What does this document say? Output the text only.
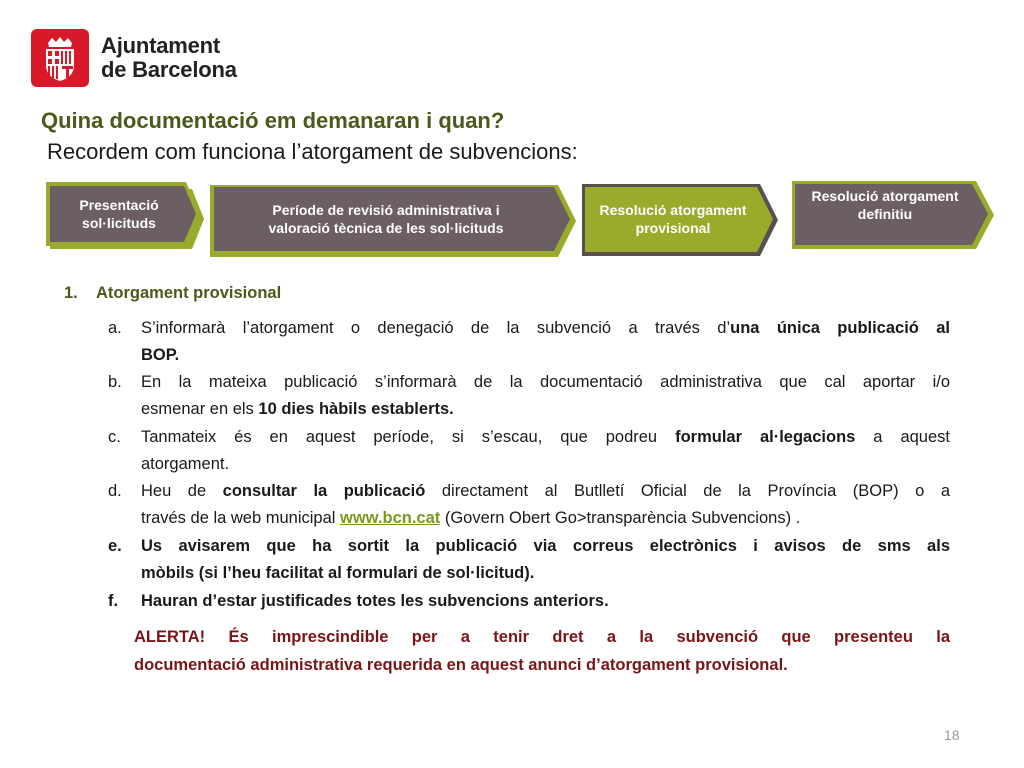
Ajuntament
de Barcelona
Quina documentació em demanaran i quan?
Recordem com funciona l’atorgament de subvencions:
Presentació
sol·licituds
Període de revisió administrativa i
valoració tècnica de les sol·licituds
Resolució atorgament
provisional
Resolució atorgament
definitiu
1. Atorgament provisional
a. S’informarà l’atorgament o denegació de la subvenció a través d’una única publicació al
BOP.
b. En la mateixa publicació s’informarà de la documentació administrativa que cal aportar i/o
esmenar en els 10 dies hàbils establerts.
c. Tanmateix és en aquest període, si s’escau, que podreu formular al·legacions a aquest
atorgament.
d. Heu de consultar la publicació directament al Butlletí Oficial de la Província (BOP) o a
través de la web municipal www.bcn.cat (Govern Obert Go>transparència Subvencions) .
e. Us avisarem que ha sortit la publicació via correus electrònics i avisos de sms als
mòbils (si l’heu facilitat al formulari de sol·licitud).
f. Hauran d’estar justificades totes les subvencions anteriors.
ALERTA! És imprescindible per a tenir dret a la subvenció que presenteu la
documentació administrativa requerida en aquest anunci d’atorgament provisional.
18
